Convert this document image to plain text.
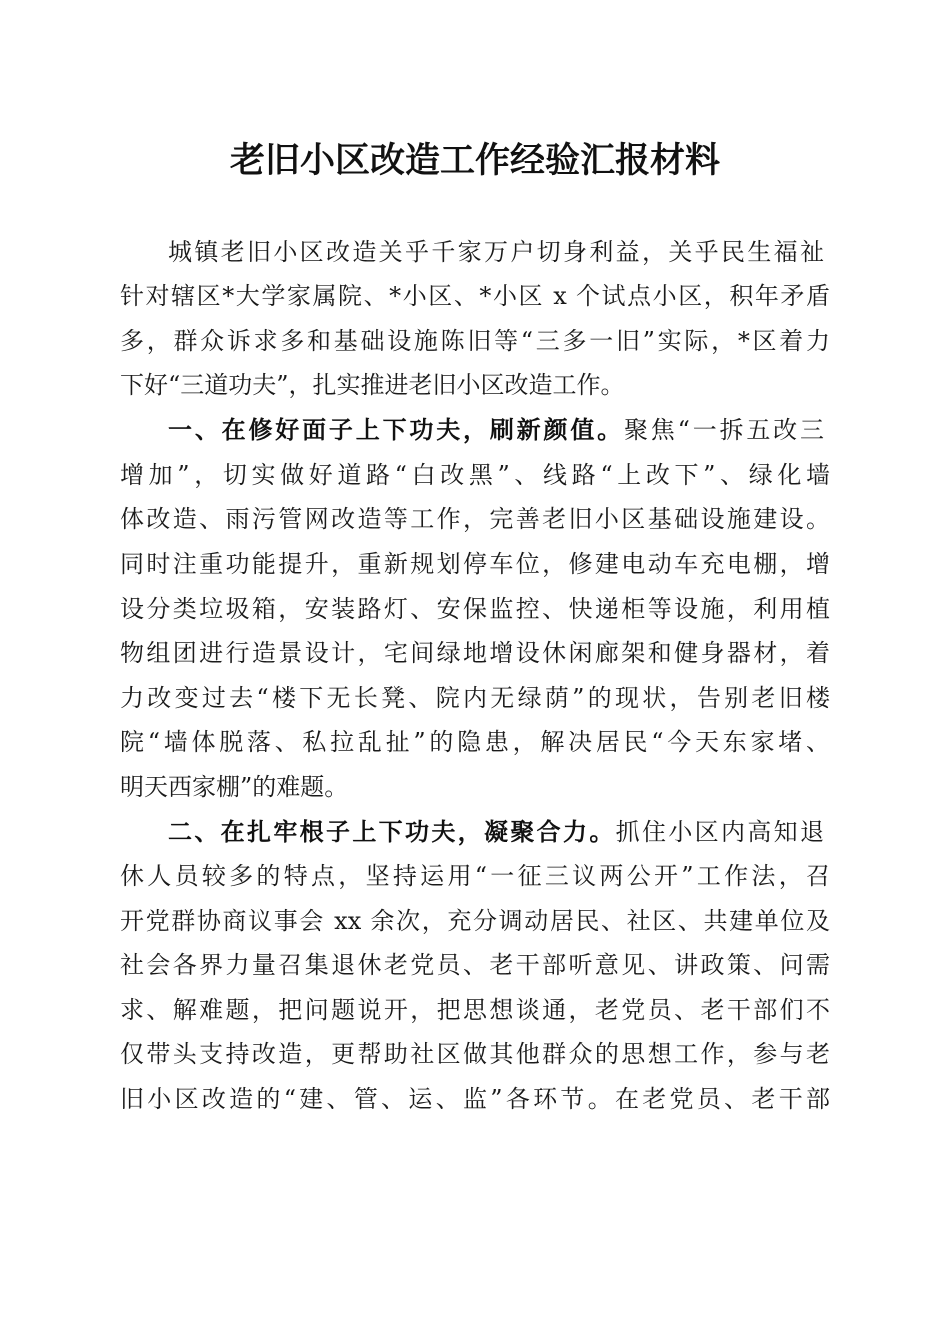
老旧小区改造工作经验汇报材料
城镇老旧小区改造关乎千家万户切身利益，关乎民生福祉
针对辖区*大学家属院、*小区、*小区 x 个试点小区，积年矛盾
多，群众诉求多和基础设施陈旧等“三多一旧”实际，*区着力
下好“三道功夫”，扎实推进老旧小区改造工作。
一、在修好面子上下功夫，刷新颜值。聚焦“一拆五改三
增加”，切实做好道路“白改黑”、线路“上改下”、绿化墙
体改造、雨污管网改造等工作，完善老旧小区基础设施建设。
同时注重功能提升，重新规划停车位，修建电动车充电棚，增
设分类垃圾箱，安装路灯、安保监控、快递柜等设施，利用植
物组团进行造景设计，宅间绿地增设休闲廊架和健身器材，着
力改变过去“楼下无长凳、院内无绿荫”的现状，告别老旧楼
院“墙体脱落、私拉乱扯”的隐患，解决居民“今天东家堵、
明天西家棚”的难题。
二、在扎牢根子上下功夫，凝聚合力。抓住小区内高知退
休人员较多的特点，坚持运用“一征三议两公开”工作法，召
开党群协商议事会 xx 余次，充分调动居民、社区、共建单位及
社会各界力量召集退休老党员、老干部听意见、讲政策、问需
求、解难题，把问题说开，把思想谈通，老党员、老干部们不
仅带头支持改造，更帮助社区做其他群众的思想工作，参与老
旧小区改造的“建、管、运、监”各环节。在老党员、老干部
